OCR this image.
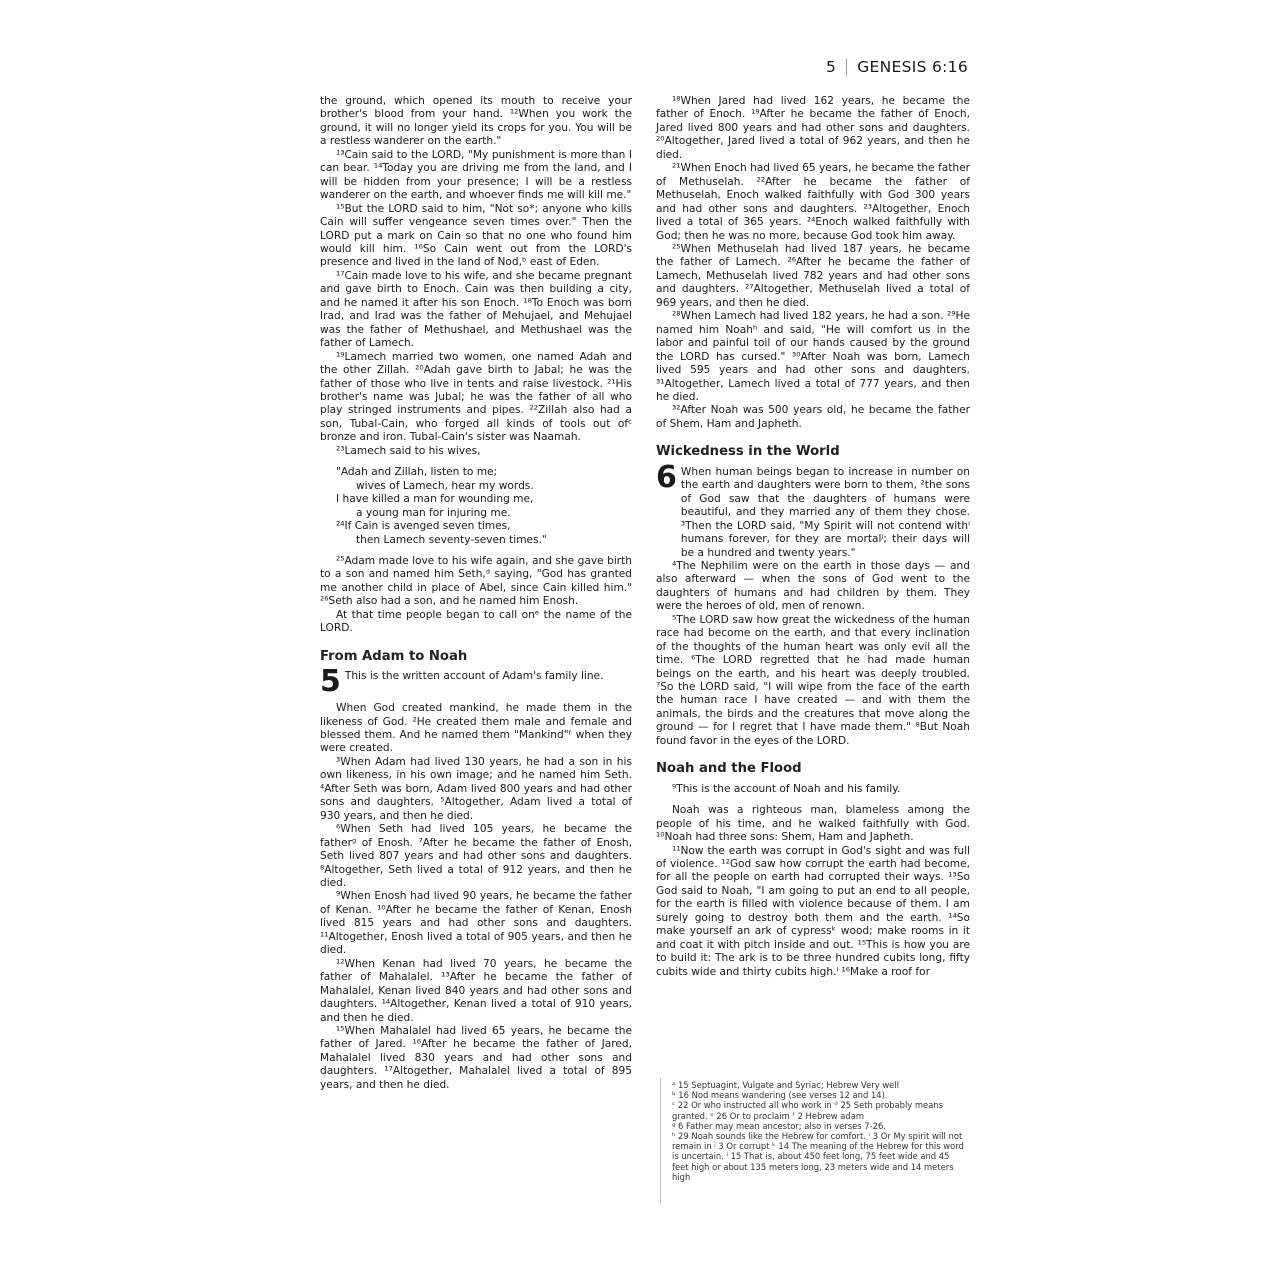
5 GENESIS 6:16

the ground, which opened its mouth to receive your brother's blood from your hand. ¹²When you work the ground, it will no longer yield its crops for you. You will be a restless wanderer on the earth."

¹³Cain said to the LORD, "My punishment is more than I can bear. ¹⁴Today you are driving me from the land, and I will be hidden from your presence; I will be a restless wanderer on the earth, and whoever finds me will kill me."

¹⁵But the LORD said to him, "Not so*; anyone who kills Cain will suffer vengeance seven times over." Then the LORD put a mark on Cain so that no one who found him would kill him. ¹⁶So Cain went out from the LORD's presence and lived in the land of Nod,ᵇ east of Eden.

¹⁷Cain made love to his wife, and she became pregnant and gave birth to Enoch. Cain was then building a city, and he named it after his son Enoch. ¹⁸To Enoch was born Irad, and Irad was the father of Mehujael, and Mehujael was the father of Methushael, and Methushael was the father of Lamech.

¹⁹Lamech married two women, one named Adah and the other Zillah. ²⁰Adah gave birth to Jabal; he was the father of those who live in tents and raise livestock. ²¹His brother's name was Jubal; he was the father of all who play stringed instruments and pipes. ²²Zillah also had a son, Tubal-Cain, who forged all kinds of tools out ofᶜ bronze and iron. Tubal-Cain's sister was Naamah.

²³Lamech said to his wives,

"Adah and Zillah, listen to me;
wives of Lamech, hear my words.
I have killed a man for wounding me,
a young man for injuring me.
²⁴If Cain is avenged seven times,
then Lamech seventy-seven times."

²⁵Adam made love to his wife again, and she gave birth to a son and named him Seth,ᵈ saying, "God has granted me another child in place of Abel, since Cain killed him." ²⁶Seth also had a son, and he named him Enosh.

At that time people began to call onᵉ the name of the LORD.

From Adam to Noah
5 This is the written account of Adam's family line.

When God created mankind, he made them in the likeness of God. ²He created them male and female and blessed them. And he named them "Mankind"ᶠ when they were created.

³When Adam had lived 130 years, he had a son in his own likeness, in his own image; and he named him Seth. ⁴After Seth was born, Adam lived 800 years and had other sons and daughters. ⁵Altogether, Adam lived a total of 930 years, and then he died.

⁶When Seth had lived 105 years, he became the fatherᵍ of Enosh. ⁷After he became the father of Enosh, Seth lived 807 years and had other sons and daughters. ⁸Altogether, Seth lived a total of 912 years, and then he died.

⁹When Enosh had lived 90 years, he became the father of Kenan. ¹⁰After he became the father of Kenan, Enosh lived 815 years and had other sons and daughters. ¹¹Altogether, Enosh lived a total of 905 years, and then he died.

¹²When Kenan had lived 70 years, he became the father of Mahalalel. ¹³After he became the father of Mahalalel, Kenan lived 840 years and had other sons and daughters. ¹⁴Altogether, Kenan lived a total of 910 years, and then he died.

¹⁵When Mahalalel had lived 65 years, he became the father of Jared. ¹⁶After he became the father of Jared, Mahalalel lived 830 years and had other sons and daughters. ¹⁷Altogether, Mahalalel lived a total of 895 years, and then he died.

¹⁸When Jared had lived 162 years, he became the father of Enoch. ¹⁹After he became the father of Enoch, Jared lived 800 years and had other sons and daughters. ²⁰Altogether, Jared lived a total of 962 years, and then he died.

²¹When Enoch had lived 65 years, he became the father of Methuselah. ²²After he became the father of Methuselah, Enoch walked faithfully with God 300 years and had other sons and daughters. ²³Altogether, Enoch lived a total of 365 years. ²⁴Enoch walked faithfully with God; then he was no more, because God took him away.

²⁵When Methuselah had lived 187 years, he became the father of Lamech. ²⁶After he became the father of Lamech, Methuselah lived 782 years and had other sons and daughters. ²⁷Altogether, Methuselah lived a total of 969 years, and then he died.

²⁸When Lamech had lived 182 years, he had a son. ²⁹He named him Noahʰ and said, "He will comfort us in the labor and painful toil of our hands caused by the ground the LORD has cursed." ³⁰After Noah was born, Lamech lived 595 years and had other sons and daughters. ³¹Altogether, Lamech lived a total of 777 years, and then he died.

³²After Noah was 500 years old, he became the father of Shem, Ham and Japheth.

Wickedness in the World
6 When human beings began to increase in number on the earth and daughters were born to them, ²the sons of God saw that the daughters of humans were beautiful, and they married any of them they chose. ³Then the LORD said, "My Spirit will not contend withⁱ humans forever, for they are mortalʲ; their days will be a hundred and twenty years."

⁴The Nephilim were on the earth in those days — and also afterward — when the sons of God went to the daughters of humans and had children by them. They were the heroes of old, men of renown.

⁵The LORD saw how great the wickedness of the human race had become on the earth, and that every inclination of the thoughts of the human heart was only evil all the time. ⁶The LORD regretted that he had made human beings on the earth, and his heart was deeply troubled. ⁷So the LORD said, "I will wipe from the face of the earth the human race I have created — and with them the animals, the birds and the creatures that move along the ground — for I regret that I have made them." ⁸But Noah found favor in the eyes of the LORD.

Noah and the Flood

⁹This is the account of Noah and his family.

Noah was a righteous man, blameless among the people of his time, and he walked faithfully with God. ¹⁰Noah had three sons: Shem, Ham and Japheth.

¹¹Now the earth was corrupt in God's sight and was full of violence. ¹²God saw how corrupt the earth had become, for all the people on earth had corrupted their ways. ¹³So God said to Noah, "I am going to put an end to all people, for the earth is filled with violence because of them. I am surely going to destroy both them and the earth. ¹⁴So make yourself an ark of cypressᵏ wood; make rooms in it and coat it with pitch inside and out. ¹⁵This is how you are to build it: The ark is to be three hundred cubits long, fifty cubits wide and thirty cubits high.ˡ ¹⁶Make a roof for

ᵃ 15 Septuagint, Vulgate and Syriac; Hebrew Very well
ᵇ 16 Nod means wandering (see verses 12 and 14).
ᶜ 22 Or who instructed all who work in ᵈ 25 Seth probably means granted. ᵉ 26 Or to proclaim ᶠ 2 Hebrew adam
ᵍ 6 Father may mean ancestor; also in verses 7-26.
ʰ 29 Noah sounds like the Hebrew for comfort. ⁱ 3 Or My spirit will not remain in ʲ 3 Or corrupt ᵏ 14 The meaning of the Hebrew for this word is uncertain. ˡ 15 That is, about 450 feet long, 75 feet wide and 45 feet high or about 135 meters long, 23 meters wide and 14 meters high
